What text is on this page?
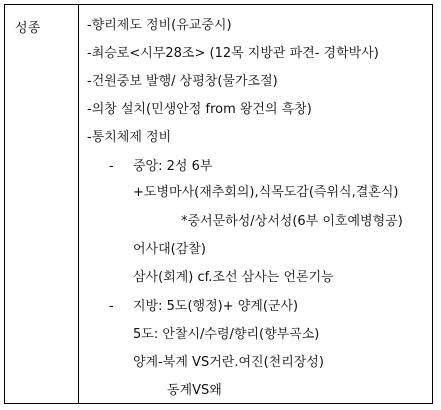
성종	-향리제도 정비(유교중시)
-최승로<시무28조> (12목 지방관 파견- 경학박사)
-건원중보 발행/ 상평창(물가조절)
-의창 설치(민생안정 from 왕건의 흑창)
-통치체제 정비
- 중앙: 2성 6부
+도병마사(재추회의),식목도감(즉위식,결혼식)
*중서문하성/상서성(6부 이호예병형공)
어사대(감찰)
삼사(회계) cf.조선 삼사는 언론기능
- 지방: 5도(행정)+ 양계(군사)
5도: 안찰시/수령/향리(향부곡소)
양계-북계 VS거란.여진(천리장성)
동계VS왜
